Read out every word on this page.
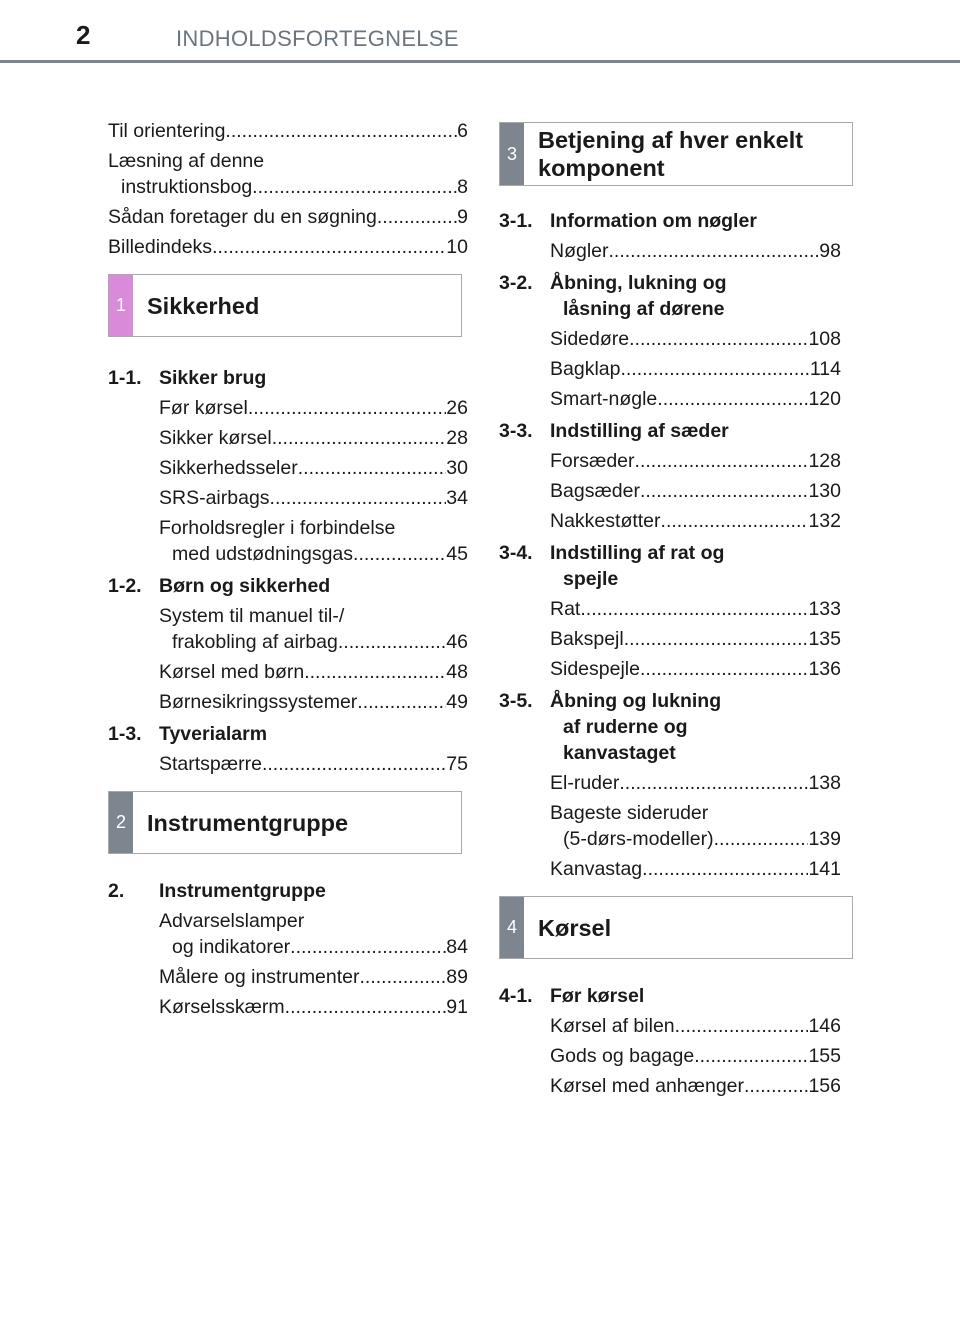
2	INDHOLDSFORTEGNELSE
Til orientering .....	6
Læsning af denne
instruktionsbog .....	8
Sådan foretager du en søgning .....	9
Billedindeks .....	10
1 Sikkerhed
1-1. Sikker brug
Før kørsel .....	26
Sikker kørsel .....	28
Sikkerhedsseler .....	30
SRS-airbags .....	34
Forholdsregler i forbindelse
med udstødningsgas .....	45
1-2. Børn og sikkerhed
System til manuel til-/
frakobling af airbag .....	46
Kørsel med børn .....	48
Børnesikringssystemer .....	49
1-3. Tyverialarm
Startspærre .....	75
2 Instrumentgruppe
2. Instrumentgruppe
Advarselslamper
og indikatorer .....	84
Målere og instrumenter .....	89
Kørselsskærm .....	91
3
Betjening af hver enkelt
komponent
3-1. Information om nøgler
Nøgler .....	98
3-2. Åbning, lukning og
låsning af dørene
Sidedøre .....	108
Bagklap .....	114
Smart-nøgle .....	120
3-3. Indstilling af sæder
Forsæder .....	128
Bagsæder .....	130
Nakkestøtter .....	132
3-4. Indstilling af rat og
spejle
Rat .....	133
Bakspejl .....	135
Sidespejle .....	136
3-5. Åbning og lukning
af ruderne og
kanvastaget
El-ruder .....	138
Bageste sideruder
(5-dørs-modeller) .....	139
Kanvastag .....	141
4 Kørsel
4-1. Før kørsel
Kørsel af bilen .....	146
Gods og bagage .....	155
Kørsel med anhænger .....	156
